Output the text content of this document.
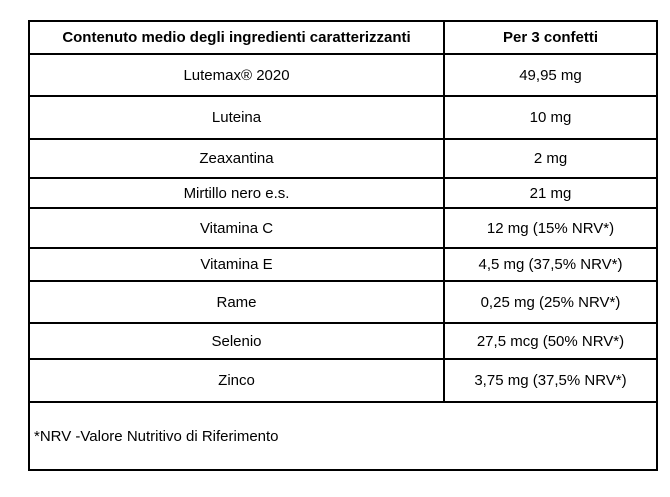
Contenuto medio degli ingredienti caratterizzanti	Per 3 confetti
Lutemax® 2020	49,95 mg
Luteina	10 mg
Zeaxantina	2 mg
Mirtillo nero e.s.	21 mg
Vitamina C	12 mg (15% NRV*)
Vitamina E	4,5 mg (37,5% NRV*)
Rame	0,25 mg (25% NRV*)
Selenio	27,5 mcg (50% NRV*)
Zinco	3,75 mg (37,5% NRV*)
*NRV -Valore Nutritivo di Riferimento	
